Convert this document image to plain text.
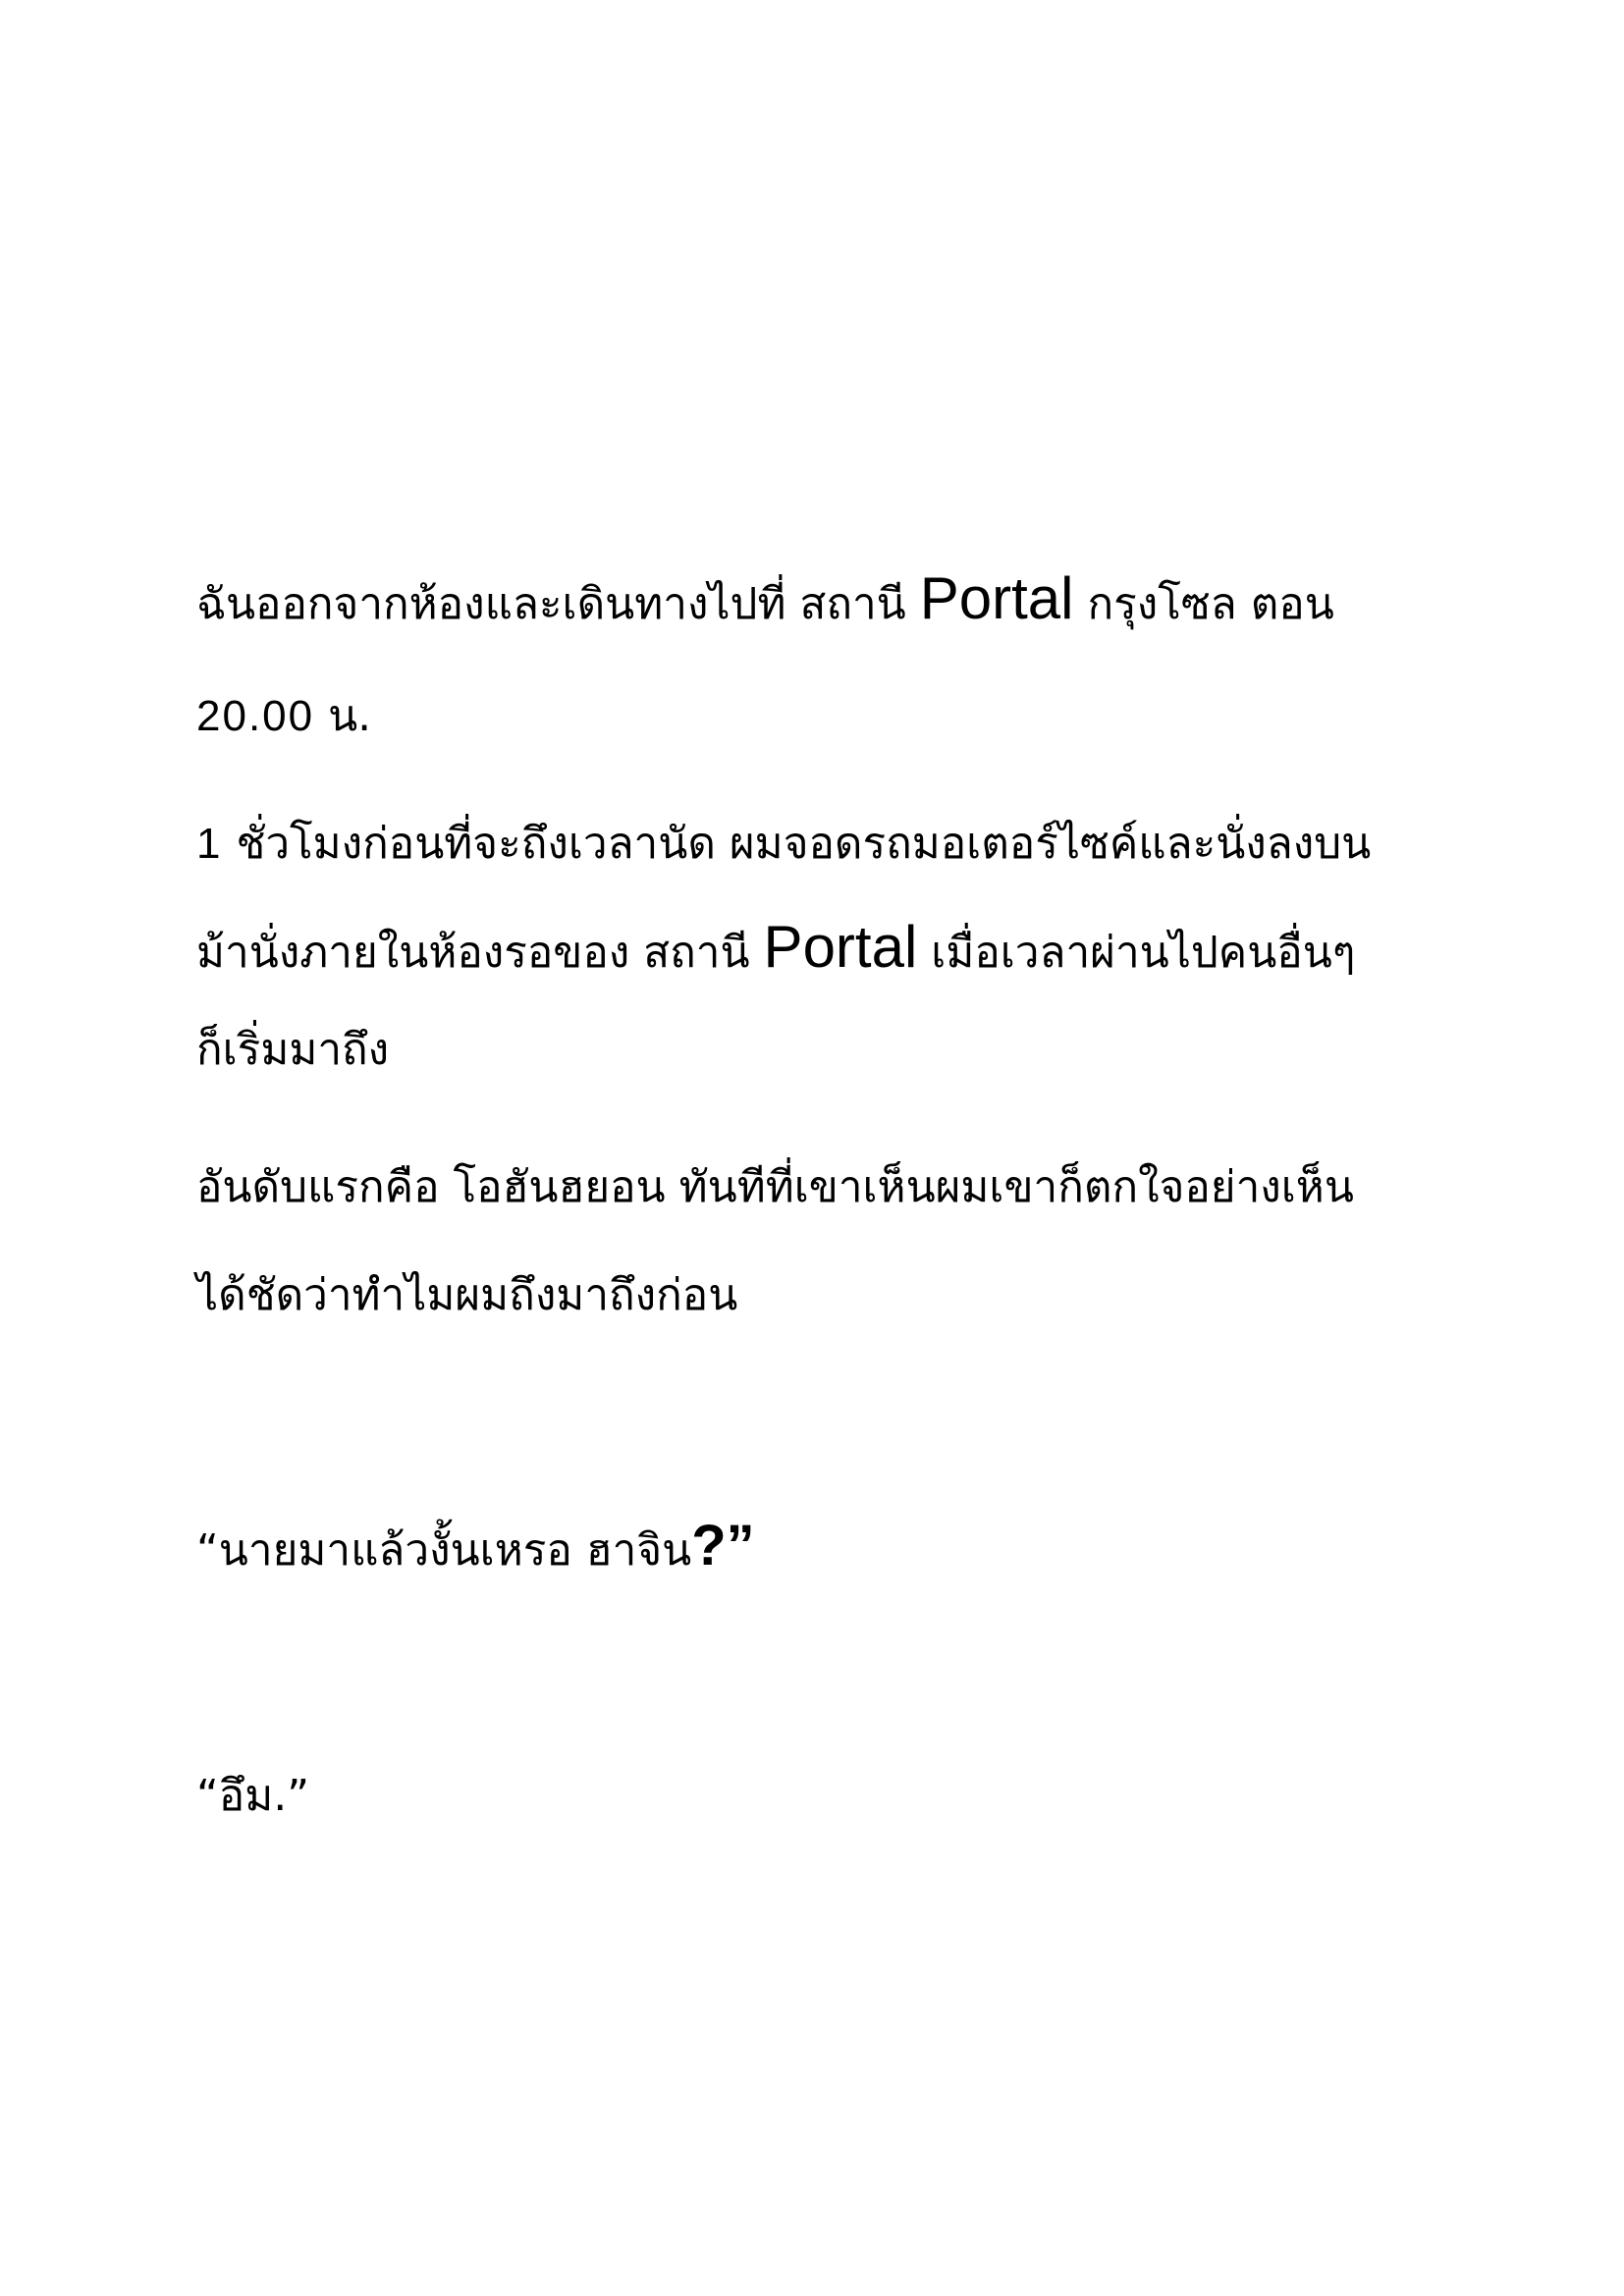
ฉันออกจากห้องและเดินทางไปที่ สถานี Portal กรุงโซล ตอน
20.00 น.
1 ชั่วโมงก่อนที่จะถึงเวลานัด ผมจอดรถมอเตอร์ไซค์และนั่งลงบน
ม้านั่งภายในห้องรอของ สถานี Portal เมื่อเวลาผ่านไปคนอื่นๆ
ก็เริ่มมาถึง
อันดับแรกคือ โอฮันฮยอน ทันทีที่เขาเห็นผมเขาก็ตกใจอย่างเห็น
ได้ชัดว่าทำไมผมถึงมาถึงก่อน
“นายมาแล้วงั้นเหรอ ฮาจิน?”
“อึม.”
